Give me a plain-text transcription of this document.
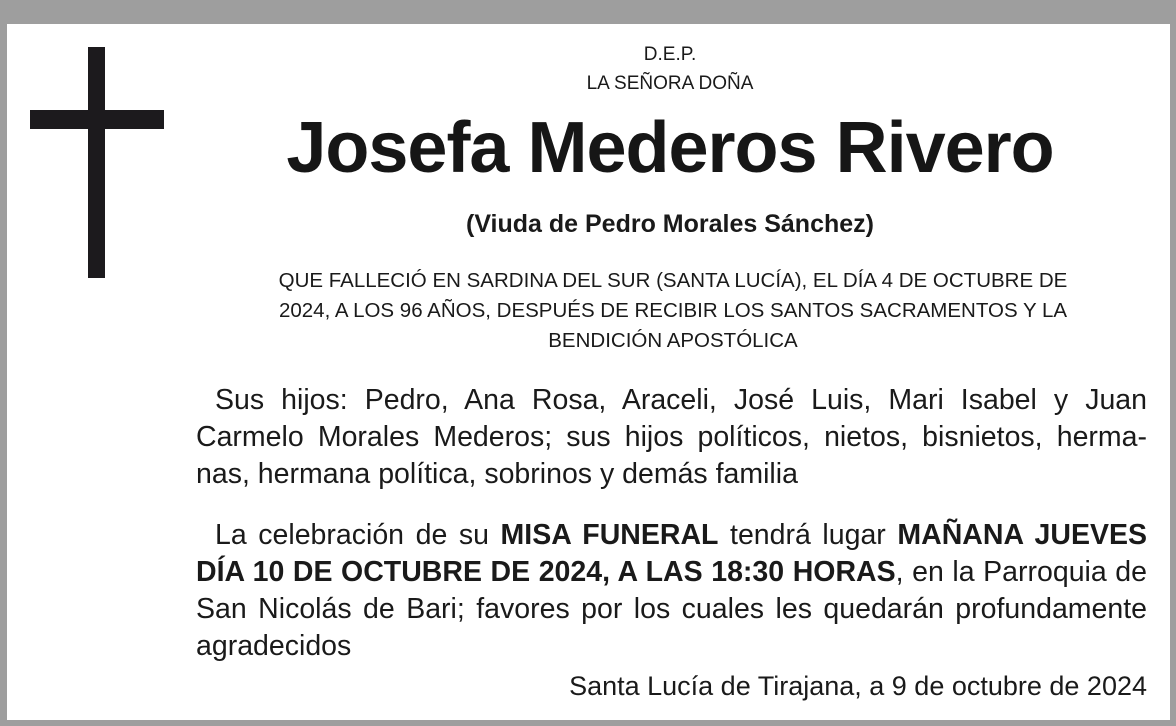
D.E.P.
LA SEÑORA DOÑA
Josefa Mederos Rivero
(Viuda de Pedro Morales Sánchez)
QUE FALLECIÓ EN SARDINA DEL SUR (SANTA LUCÍA), EL DÍA 4 DE OCTUBRE DE
2024, A LOS 96 AÑOS, DESPUÉS DE RECIBIR LOS SANTOS SACRAMENTOS Y LA
BENDICIÓN APOSTÓLICA
Sus hijos: Pedro, Ana Rosa, Araceli, José Luis, Mari Isabel y Juan
Carmelo Morales Mederos; sus hijos políticos, nietos, bisnietos, herma-
nas, hermana política, sobrinos y demás familia
La celebración de su MISA FUNERAL tendrá lugar MAÑANA JUEVES
DÍA 10 DE OCTUBRE DE 2024, A LAS 18:30 HORAS, en la Parroquia de
San Nicolás de Bari; favores por los cuales les quedarán profundamente
agradecidos
Santa Lucía de Tirajana, a 9 de octubre de 2024
